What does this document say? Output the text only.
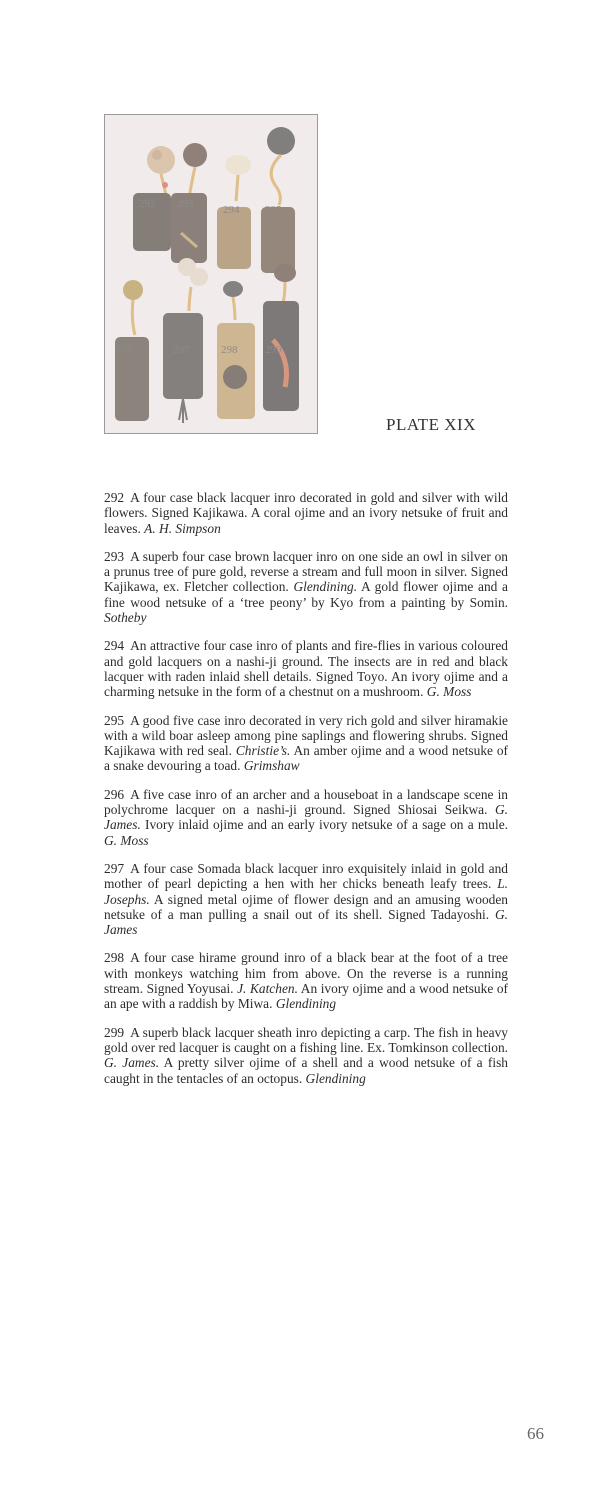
292 293	294 295
296	297	298	299
PLATE XIX

292 A four case black lacquer inro decorated in gold and silver with wild flowers. Signed Kajikawa. A coral ojime and an ivory netsuke of fruit and leaves. A. H. Simpson

293 A superb four case brown lacquer inro on one side an owl in silver on a prunus tree of pure gold, reverse a stream and full moon in silver. Signed Kajikawa, ex. Fletcher collection. Glendining. A gold flower ojime and a fine wood netsuke of a ‘tree peony’ by Kyo from a painting by Somin. Sotheby

294 An attractive four case inro of plants and fire-flies in various coloured and gold lacquers on a nashi-ji ground. The insects are in red and black lacquer with raden inlaid shell details. Signed Toyo. An ivory ojime and a charming netsuke in the form of a chestnut on a mushroom. G. Moss

295 A good five case inro decorated in very rich gold and silver hiramakie with a wild boar asleep among pine saplings and flowering shrubs. Signed Kajikawa with red seal. Christie’s. An amber ojime and a wood netsuke of a snake devouring a toad. Grimshaw

296 A five case inro of an archer and a houseboat in a landscape scene in polychrome lacquer on a nashi-ji ground. Signed Shiosai Seikwa. G. James. Ivory inlaid ojime and an early ivory netsuke of a sage on a mule. G. Moss

297 A four case Somada black lacquer inro exquisitely inlaid in gold and mother of pearl depicting a hen with her chicks beneath leafy trees. L. Josephs. A signed metal ojime of flower design and an amusing wooden netsuke of a man pulling a snail out of its shell. Signed Tadayoshi. G. James

298 A four case hirame ground inro of a black bear at the foot of a tree with monkeys watching him from above. On the reverse is a running stream. Signed Yoyusai. J. Katchen. An ivory ojime and a wood netsuke of an ape with a raddish by Miwa. Glendining

299 A superb black lacquer sheath inro depicting a carp. The fish in heavy gold over red lacquer is caught on a fishing line. Ex. Tomkinson collection. G. James. A pretty silver ojime of a shell and a wood netsuke of a fish caught in the tentacles of an octopus. Glendining

66
